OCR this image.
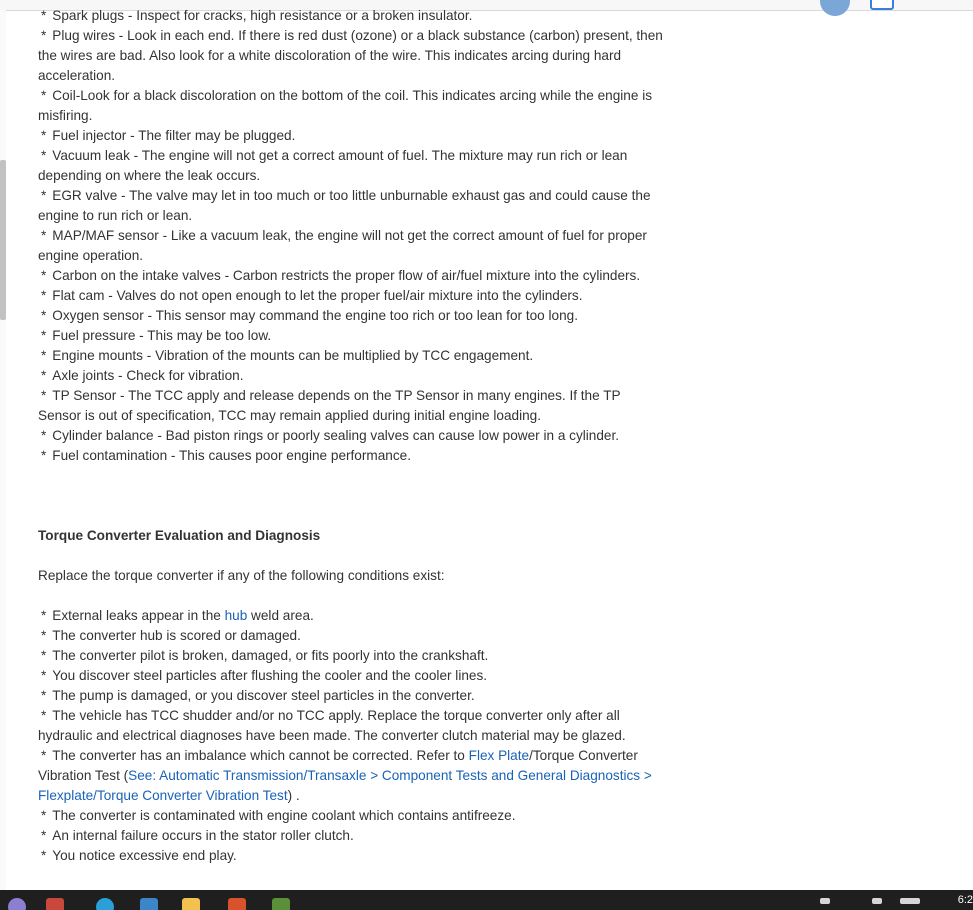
* Spark plugs - Inspect for cracks, high resistance or a broken insulator.

* Plug wires - Look in each end. If there is red dust (ozone) or a black substance (carbon) present, then the wires are bad. Also look for a white discoloration of the wire. This indicates arcing during hard acceleration.

* Coil-Look for a black discoloration on the bottom of the coil. This indicates arcing while the engine is misfiring.

* Fuel injector - The filter may be plugged.

* Vacuum leak - The engine will not get a correct amount of fuel. The mixture may run rich or lean depending on where the leak occurs.

* EGR valve - The valve may let in too much or too little unburnable exhaust gas and could cause the engine to run rich or lean.

* MAP/MAF sensor - Like a vacuum leak, the engine will not get the correct amount of fuel for proper engine operation.

* Carbon on the intake valves - Carbon restricts the proper flow of air/fuel mixture into the cylinders.

* Flat cam - Valves do not open enough to let the proper fuel/air mixture into the cylinders.

* Oxygen sensor - This sensor may command the engine too rich or too lean for too long.

* Fuel pressure - This may be too low.

* Engine mounts - Vibration of the mounts can be multiplied by TCC engagement.

* Axle joints - Check for vibration.

* TP Sensor - The TCC apply and release depends on the TP Sensor in many engines. If the TP Sensor is out of specification, TCC may remain applied during initial engine loading.

* Cylinder balance - Bad piston rings or poorly sealing valves can cause low power in a cylinder.

* Fuel contamination - This causes poor engine performance.

Torque Converter Evaluation and Diagnosis

Replace the torque converter if any of the following conditions exist:

* External leaks appear in the hub weld area.

* The converter hub is scored or damaged.

* The converter pilot is broken, damaged, or fits poorly into the crankshaft.

* You discover steel particles after flushing the cooler and the cooler lines.

* The pump is damaged, or you discover steel particles in the converter.

* The vehicle has TCC shudder and/or no TCC apply. Replace the torque converter only after all hydraulic and electrical diagnoses have been made. The converter clutch material may be glazed.

* The converter has an imbalance which cannot be corrected. Refer to Flex Plate/Torque Converter Vibration Test (See: Automatic Transmission/Transaxle > Component Tests and General Diagnostics > Flexplate/Torque Converter Vibration Test) .

* The converter is contaminated with engine coolant which contains antifreeze.

* An internal failure occurs in the stator roller clutch.

* You notice excessive end play.

6:2
